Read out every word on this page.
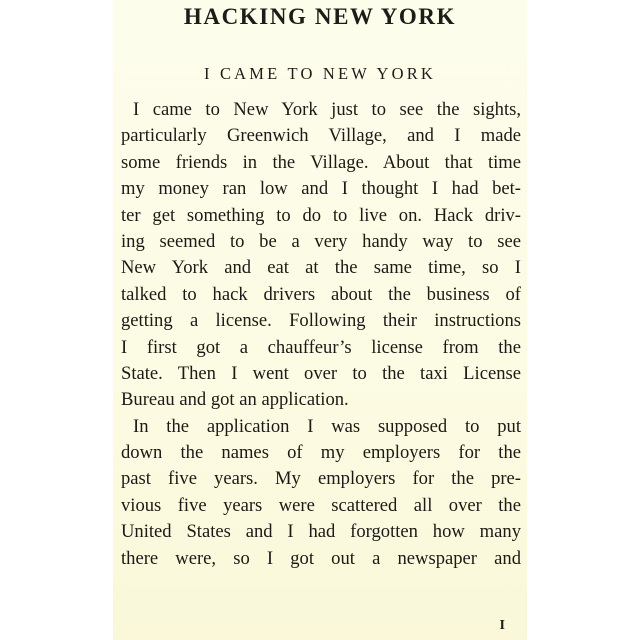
HACKING NEW YORK
I CAME TO NEW YORK
I came to New York just to see the sights,
particularly Greenwich Village, and I made
some friends in the Village. About that time
my money ran low and I thought I had bet-
ter get something to do to live on. Hack driv-
ing seemed to be a very handy way to see
New York and eat at the same time, so I
talked to hack drivers about the business of
getting a license. Following their instructions
I first got a chauffeur’s license from the
State. Then I went over to the taxi License
Bureau and got an application.
In the application I was supposed to put
down the names of my employers for the
past five years. My employers for the pre-
vious five years were scattered all over the
United States and I had forgotten how many
there were, so I got out a newspaper and
I
